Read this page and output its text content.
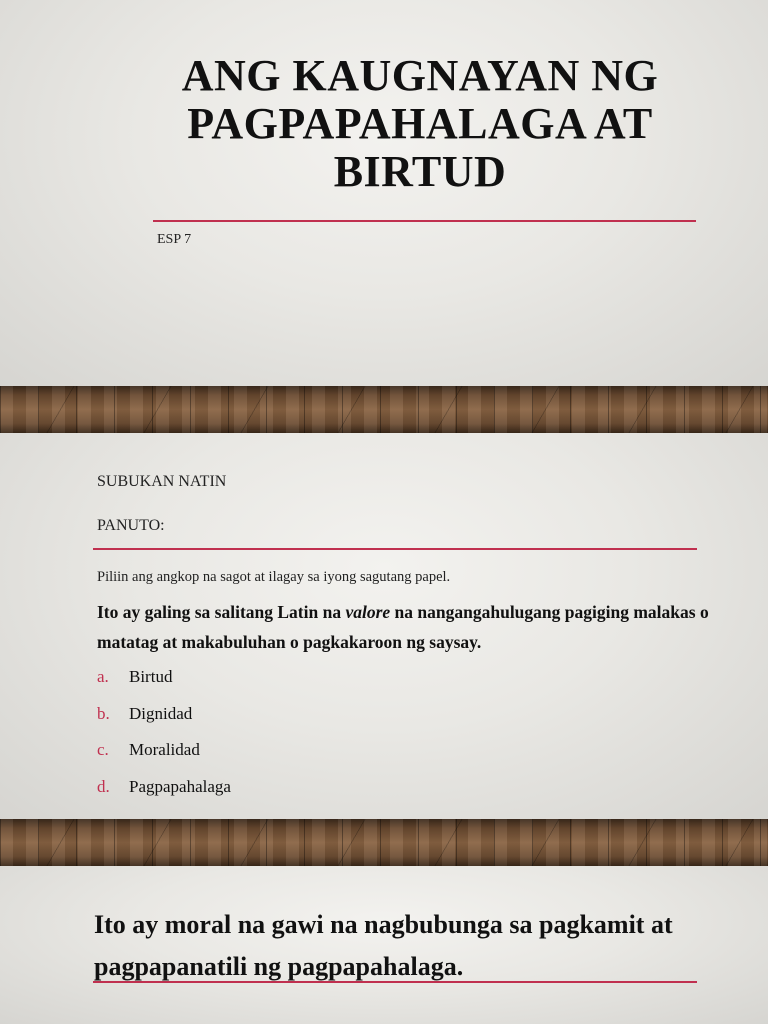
ANG KAUGNAYAN NG PAGPAPAHALAGA AT BIRTUD
ESP 7
SUBUKAN NATIN
PANUTO:
Piliin ang angkop na sagot at ilagay sa iyong sagutang papel.
Ito ay galing sa salitang Latin na valore na nangangahulugang pagiging malakas o matatag at makabuluhan o pagkakaroon ng saysay.
a.	Birtud
b.	Dignidad
c.	Moralidad
d.	Pagpapahalaga
Ito ay moral na gawi na nagbubunga sa pagkamit at pagpapanatili ng pagpapahalaga.
